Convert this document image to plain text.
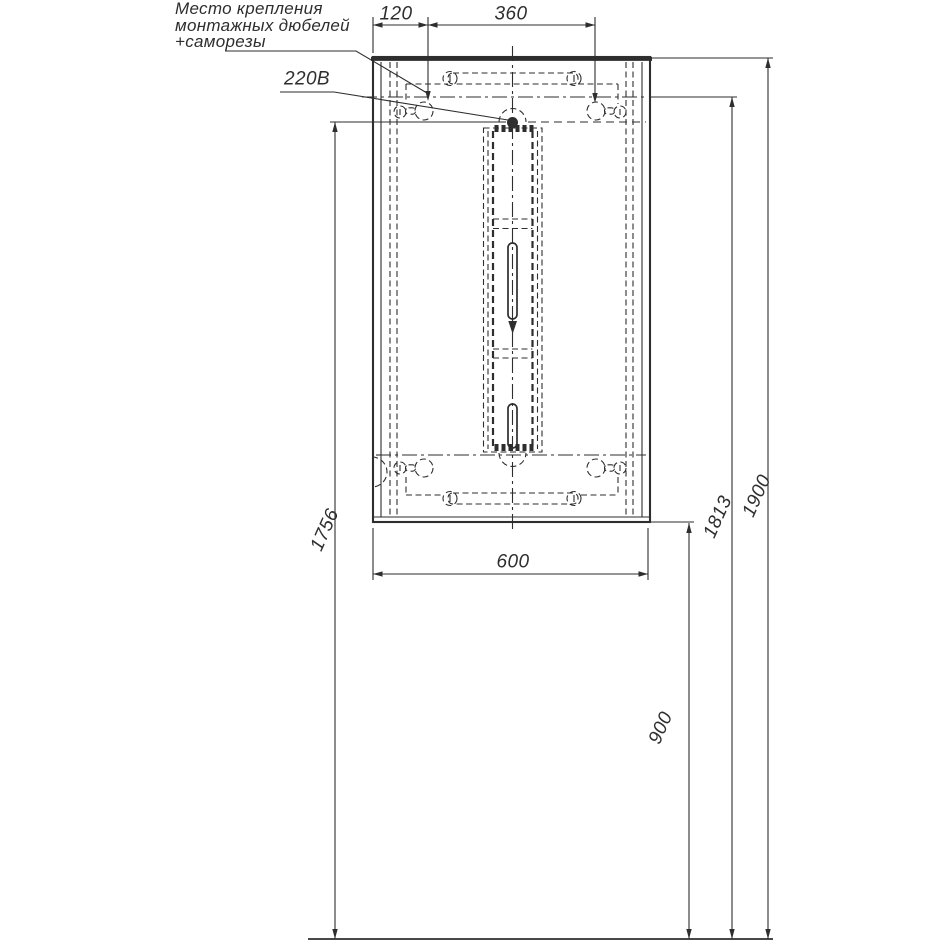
Место крепления
монтажных дюбелей
+саморезы
220В
120	360
600
1756
900
1813 1900
